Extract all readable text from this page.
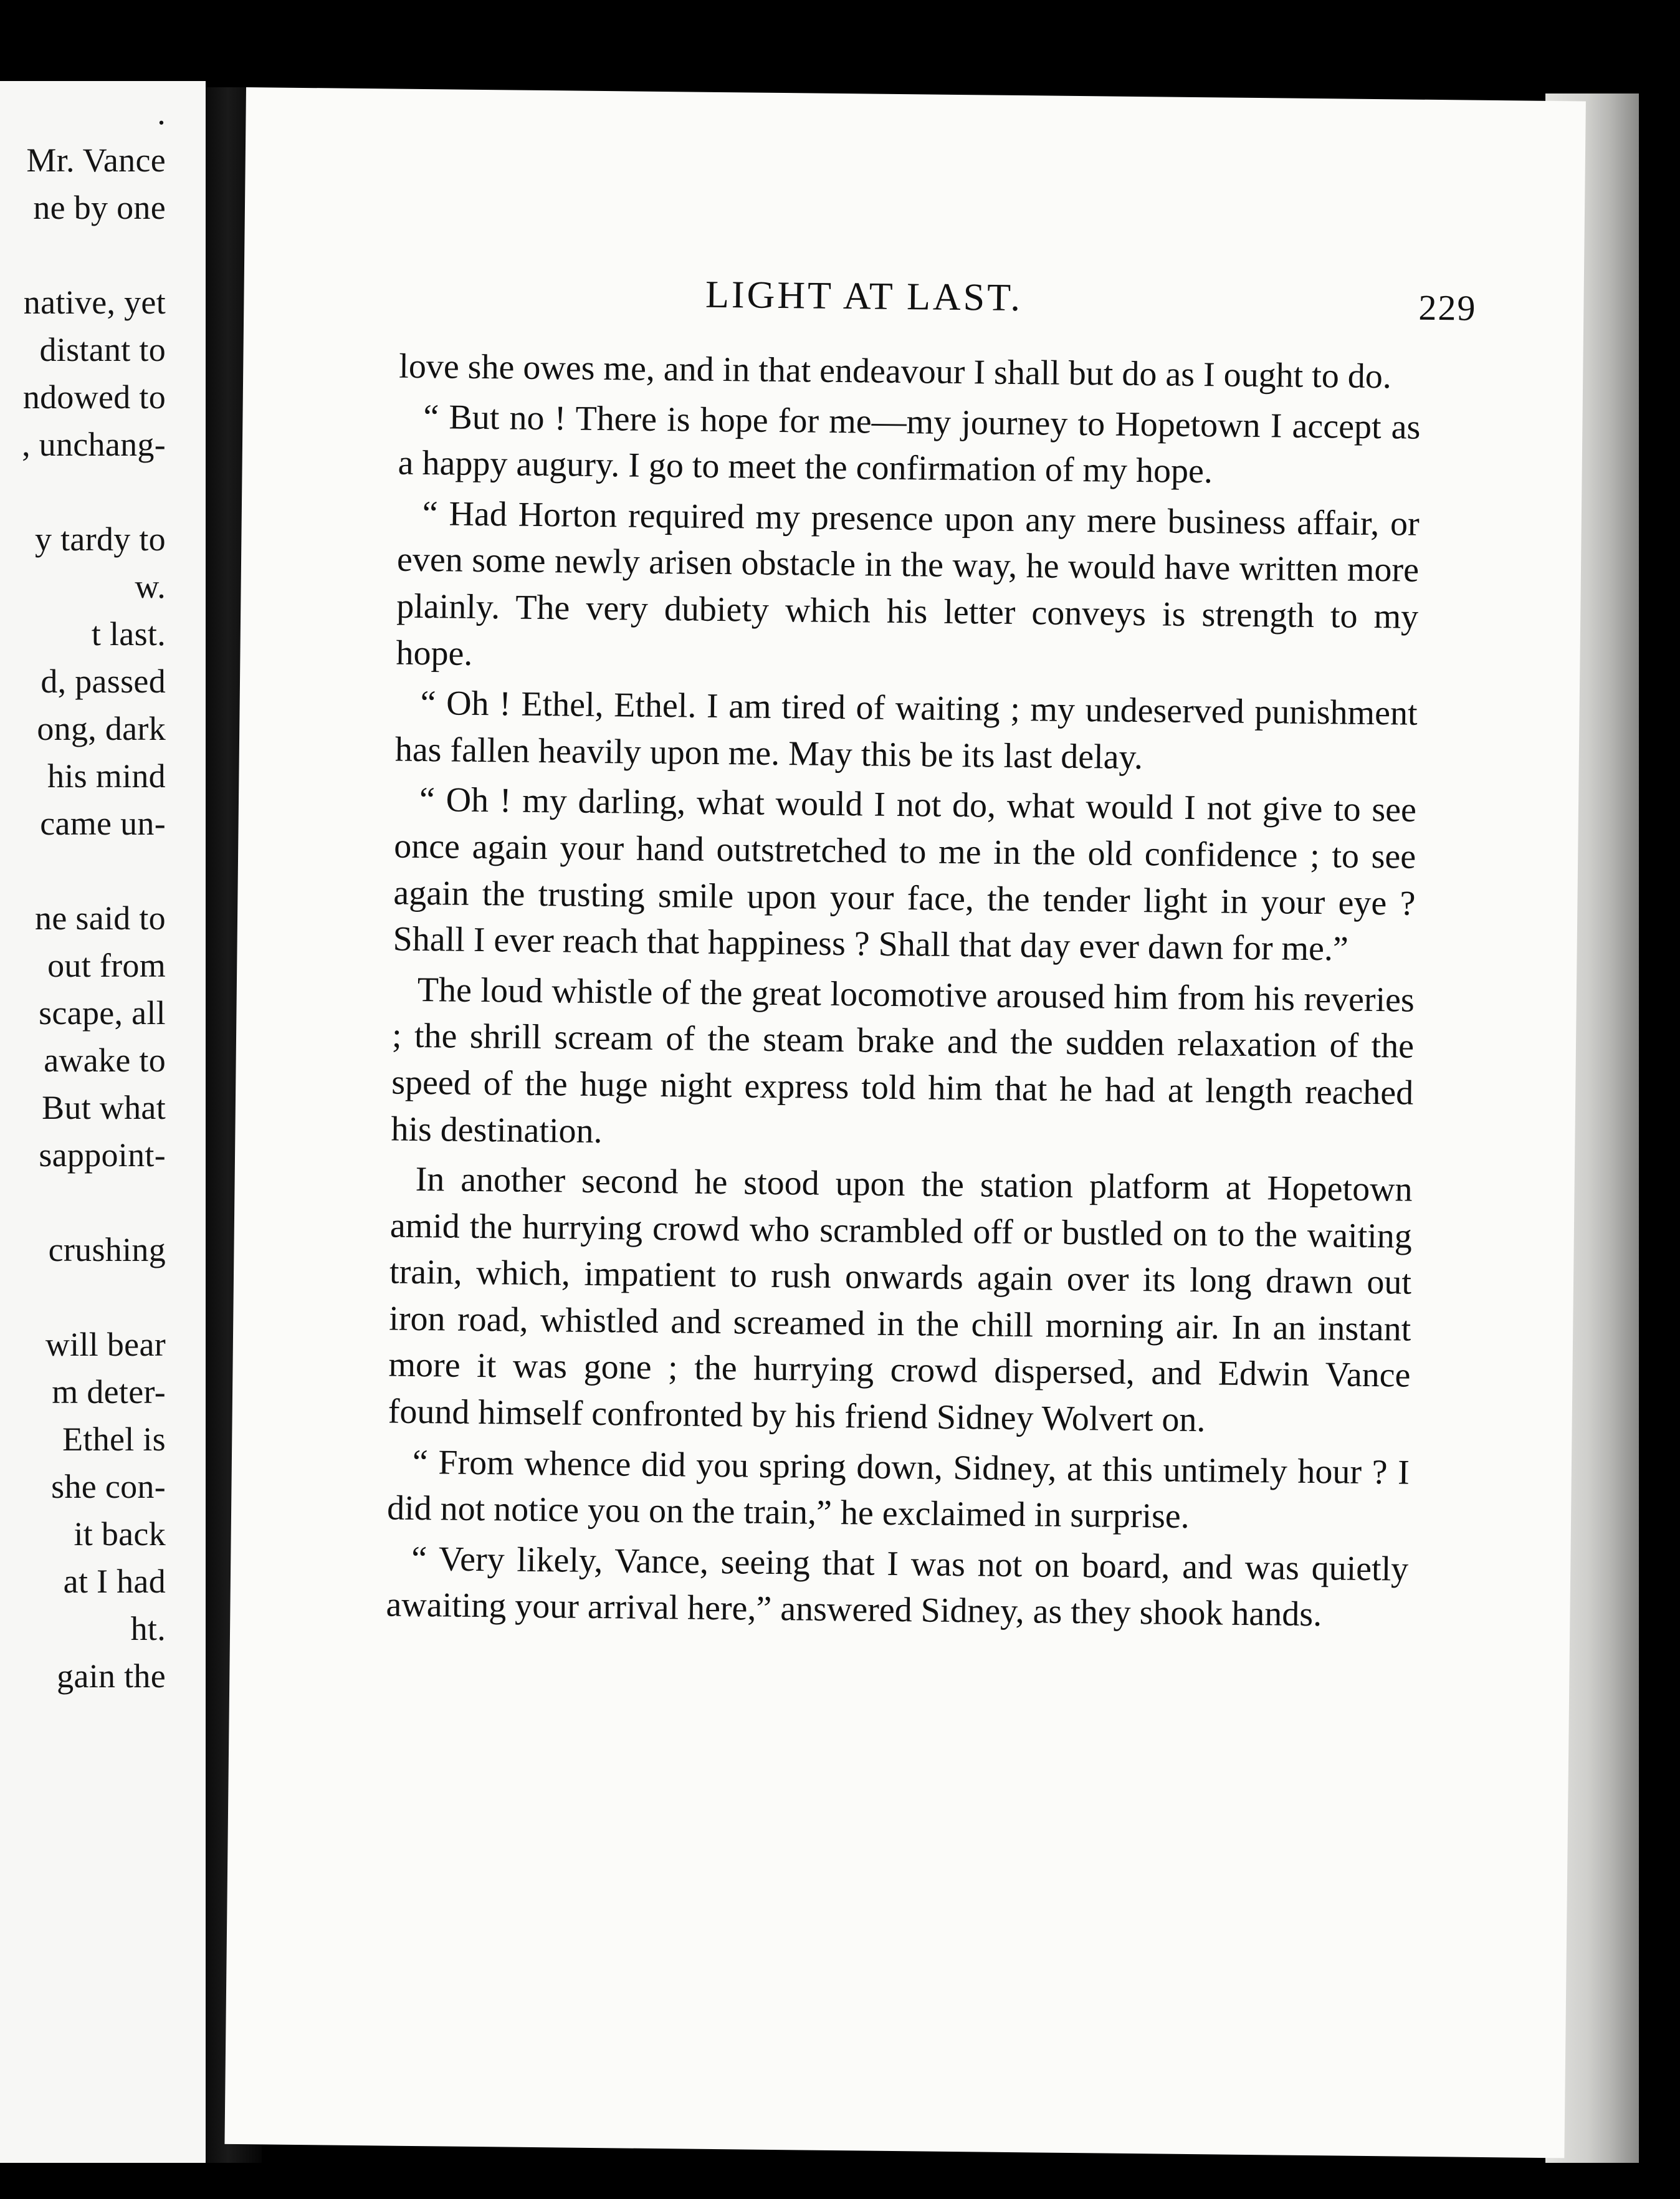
.
Mr. Vance
ne by one
native, yet
distant to
ndowed to
, unchang-
y tardy to
w.
t last.
d, passed
ong, dark
his mind
came un-
ne said to
out from
scape, all
awake to
But what
sappoint-
crushing
will bear
m deter-
Ethel is
she con-
it back
at I had
ht.
gain the
LIGHT AT LAST.	229

love she owes me, and in that endeavour I shall but do as I ought to do.

“ But no ! There is hope for me—my journey to Hopetown I accept as a happy augury. I go to meet the confirmation of my hope.

“ Had Horton required my presence upon any mere business affair, or even some newly arisen obstacle in the way, he would have written more plainly. The very dubiety which his letter conveys is strength to my hope.

“ Oh ! Ethel, Ethel. I am tired of waiting ; my undeserved punishment has fallen heavily upon me. May this be its last delay.

“ Oh ! my darling, what would I not do, what would I not give to see once again your hand outstretched to me in the old confidence ; to see again the trusting smile upon your face, the tender light in your eye ? Shall I ever reach that happiness ? Shall that day ever dawn for me.”

The loud whistle of the great locomotive aroused him from his reveries ; the shrill scream of the steam brake and the sudden relaxation of the speed of the huge night express told him that he had at length reached his destination.

In another second he stood upon the station platform at Hopetown amid the hurrying crowd who scrambled off or bustled on to the waiting train, which, impatient to rush onwards again over its long drawn out iron road, whistled and screamed in the chill morning air. In an instant more it was gone ; the hurrying crowd dispersed, and Edwin Vance found himself confronted by his friend Sidney Wolvert on.

“ From whence did you spring down, Sidney, at this untimely hour ? I did not notice you on the train,” he exclaimed in surprise.

“ Very likely, Vance, seeing that I was not on board, and was quietly awaiting your arrival here,” answered Sidney, as they shook hands.
